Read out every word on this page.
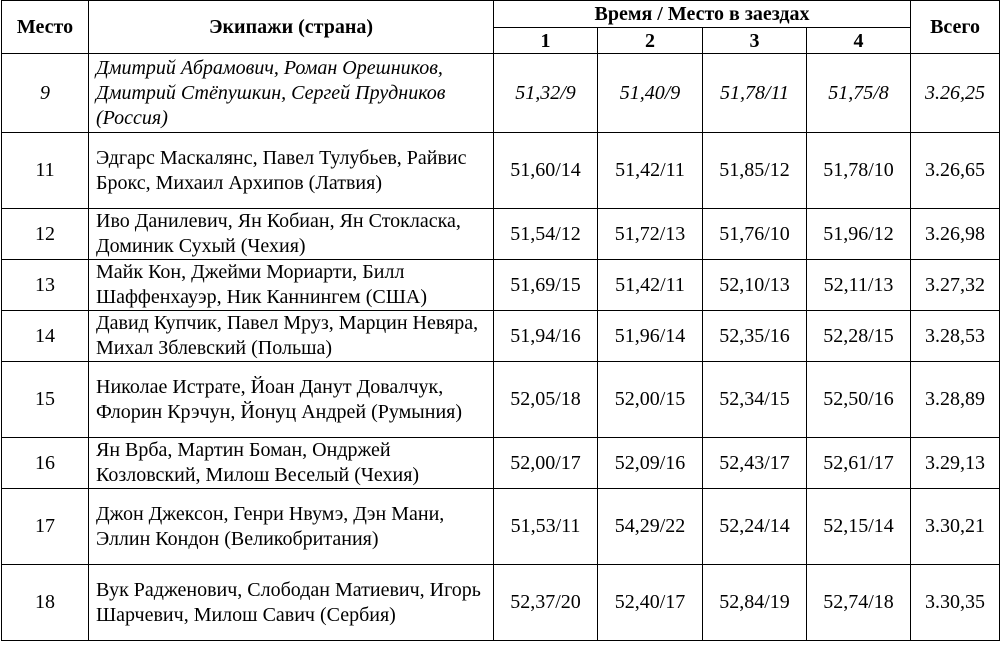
Место	Экипажи (страна)	Время / Место в заездах				Всего
		1	2	3	4	
9	Дмитрий Абрамович, Роман Орешников, Дмитрий Стёпушкин, Сергей Прудников (Россия)	51,32/9	51,40/9	51,78/11	51,75/8	3.26,25
11	Эдгарс Маскалянс, Павел Тулубьев, Райвис Брокс, Михаил Архипов (Латвия)	51,60/14	51,42/11	51,85/12	51,78/10	3.26,65
12	Иво Данилевич, Ян Кобиан, Ян Стокласка, Доминик Сухый (Чехия)	51,54/12	51,72/13	51,76/10	51,96/12	3.26,98
13	Майк Кон, Джейми Мориарти, Билл Шаффенхауэр, Ник Каннингем (США)	51,69/15	51,42/11	52,10/13	52,11/13	3.27,32
14	Давид Купчик, Павел Мруз, Марцин Невяра, Михал Зблевский (Польша)	51,94/16	51,96/14	52,35/16	52,28/15	3.28,53
15	Николае Истрате, Йоан Данут Довалчук, Флорин Крэчун, Йонуц Андрей (Румыния)	52,05/18	52,00/15	52,34/15	52,50/16	3.28,89
16	Ян Врба, Мартин Боман, Ондржей Козловский, Милош Веселый (Чехия)	52,00/17	52,09/16	52,43/17	52,61/17	3.29,13
17	Джон Джексон, Генри Нвумэ, Дэн Мани, Эллин Кондон (Великобритания)	51,53/11	54,29/22	52,24/14	52,15/14	3.30,21
18	Вук Радженович, Слободан Матиевич, Игорь Шарчевич, Милош Савич (Сербия)	52,37/20	52,40/17	52,84/19	52,74/18	3.30,35
